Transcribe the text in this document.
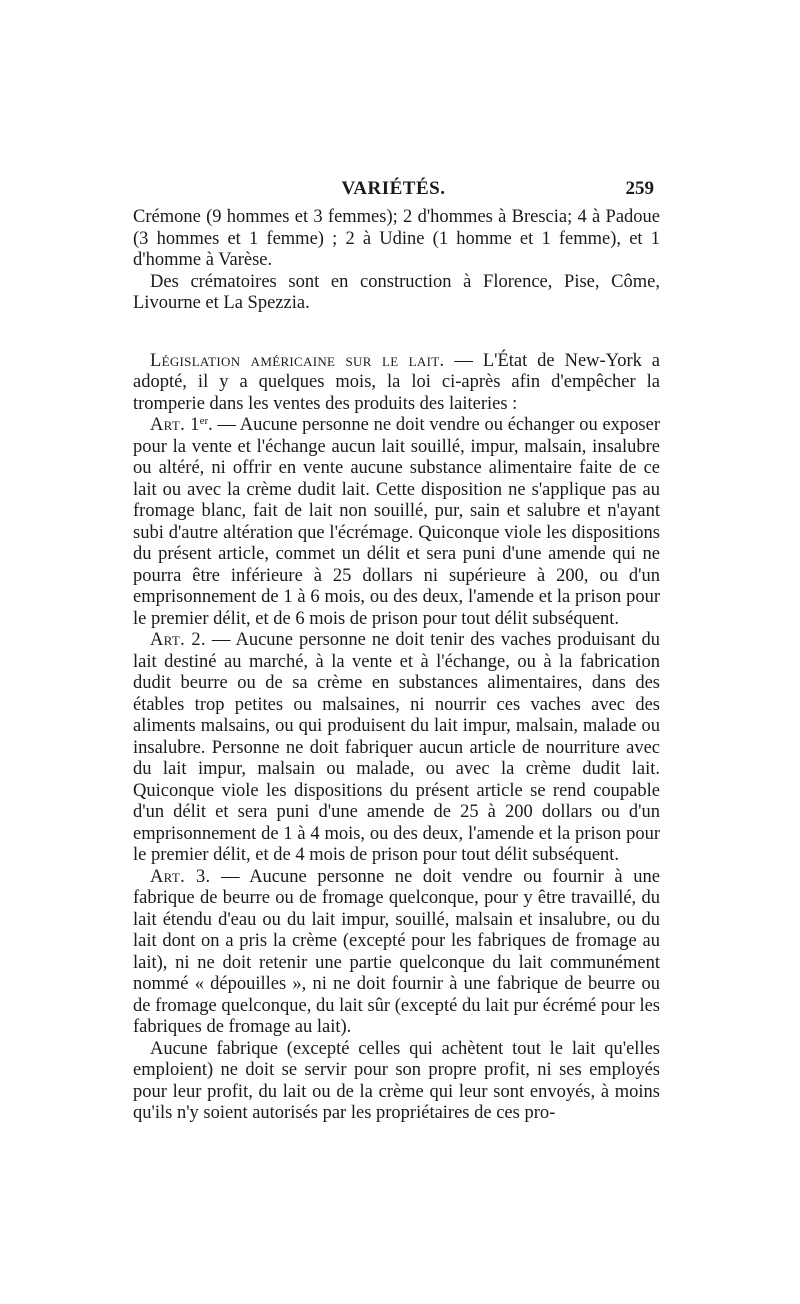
VARIÉTÉS.	259

Crémone (9 hommes et 3 femmes); 2 d'hommes à Brescia; 4 à Padoue (3 hommes et 1 femme) ; 2 à Udine (1 homme et 1 femme), et 1 d'homme à Varèse.

Des crématoires sont en construction à Florence, Pise, Côme, Livourne et La Spezzia.

Législation américaine sur le lait. — L'État de New-York a adopté, il y a quelques mois, la loi ci-après afin d'empêcher la tromperie dans les ventes des produits des laiteries :

Art. 1er. — Aucune personne ne doit vendre ou échanger ou exposer pour la vente et l'échange aucun lait souillé, impur, malsain, insalubre ou altéré, ni offrir en vente aucune substance alimentaire faite de ce lait ou avec la crème dudit lait. Cette disposition ne s'applique pas au fromage blanc, fait de lait non souillé, pur, sain et salubre et n'ayant subi d'autre altération que l'écrémage. Quiconque viole les dispositions du présent article, commet un délit et sera puni d'une amende qui ne pourra être inférieure à 25 dollars ni supérieure à 200, ou d'un emprisonnement de 1 à 6 mois, ou des deux, l'amende et la prison pour le premier délit, et de 6 mois de prison pour tout délit subséquent.

Art. 2. — Aucune personne ne doit tenir des vaches produisant du lait destiné au marché, à la vente et à l'échange, ou à la fabrication dudit beurre ou de sa crème en substances alimentaires, dans des étables trop petites ou malsaines, ni nourrir ces vaches avec des aliments malsains, ou qui produisent du lait impur, malsain, malade ou insalubre. Personne ne doit fabriquer aucun article de nourriture avec du lait impur, malsain ou malade, ou avec la crème dudit lait. Quiconque viole les dispositions du présent article se rend coupable d'un délit et sera puni d'une amende de 25 à 200 dollars ou d'un emprisonnement de 1 à 4 mois, ou des deux, l'amende et la prison pour le premier délit, et de 4 mois de prison pour tout délit subséquent.

Art. 3. — Aucune personne ne doit vendre ou fournir à une fabrique de beurre ou de fromage quelconque, pour y être travaillé, du lait étendu d'eau ou du lait impur, souillé, malsain et insalubre, ou du lait dont on a pris la crème (excepté pour les fabriques de fromage au lait), ni ne doit retenir une partie quelconque du lait communément nommé « dépouilles », ni ne doit fournir à une fabrique de beurre ou de fromage quelconque, du lait sûr (excepté du lait pur écrémé pour les fabriques de fromage au lait).

Aucune fabrique (excepté celles qui achètent tout le lait qu'elles emploient) ne doit se servir pour son propre profit, ni ses employés pour leur profit, du lait ou de la crème qui leur sont envoyés, à moins qu'ils n'y soient autorisés par les propriétaires de ces pro-
